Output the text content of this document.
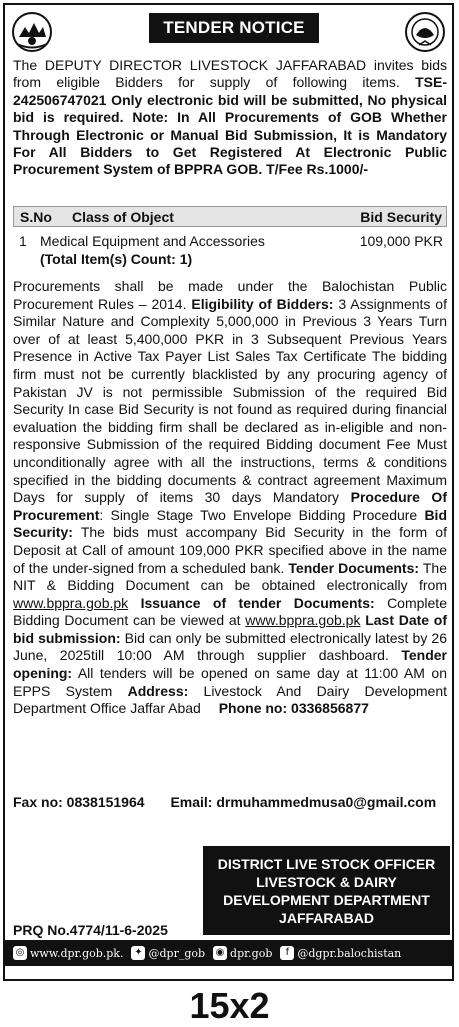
TENDER NOTICE
The DEPUTY DIRECTOR LIVESTOCK JAFFARABAD invites bids from eligible Bidders for supply of following items. TSE-242506747021 Only electronic bid will be submitted, No physical bid is required. Note: In All Procurements of GOB Whether Through Electronic or Manual Bid Submission, It is Mandatory For All Bidders to Get Registered At Electronic Public Procurement System of BPPRA GOB. T/Fee Rs.1000/-
S.No Class of Object	Bid Security
1 Medical Equipment and Accessories	109,000 PKR
(Total Item(s) Count: 1)
Procurements shall be made under the Balochistan Public Procurement Rules – 2014. Eligibility of Bidders: 3 Assignments of Similar Nature and Complexity 5,000,000 in Previous 3 Years Turn over of at least 5,400,000 PKR in 3 Subsequent Previous Years Presence in Active Tax Payer List Sales Tax Certificate The bidding firm must not be currently blacklisted by any procuring agency of Pakistan JV is not permissible Submission of the required Bid Security In case Bid Security is not found as required during financial evaluation the bidding firm shall be declared as in-eligible and non-responsive Submission of the required Bidding document Fee Must unconditionally agree with all the instructions, terms & conditions specified in the bidding documents & contract agreement Maximum Days for supply of items 30 days Mandatory Procedure Of Procurement: Single Stage Two Envelope Bidding Procedure Bid Security: The bids must accompany Bid Security in the form of Deposit at Call of amount 109,000 PKR specified above in the name of the under-signed from a scheduled bank. Tender Documents: The NIT & Bidding Document can be obtained electronically from www.bppra.gob.pk Issuance of tender Documents: Complete Bidding Document can be viewed at www.bppra.gob.pk Last Date of bid submission: Bid can only be submitted electronically latest by 26 June, 2025till 10:00 AM through supplier dashboard. Tender opening: All tenders will be opened on same day at 11:00 AM on EPPS System Address: Livestock And Dairy Development Department Office Jaffar Abad Phone no: 0336856877
Fax no: 0838151964 Email: drmuhammedmusa0@gmail.com
DISTRICT LIVE STOCK OFFICER
LIVESTOCK & DAIRY
DEVELOPMENT DEPARTMENT
JAFFARABAD
PRQ No.4774/11-6-2025
◎ www.dpr.gob.pk. ✦ @dpr_gob ◉ dpr.gob	f @dgpr.balochistan
15x2
